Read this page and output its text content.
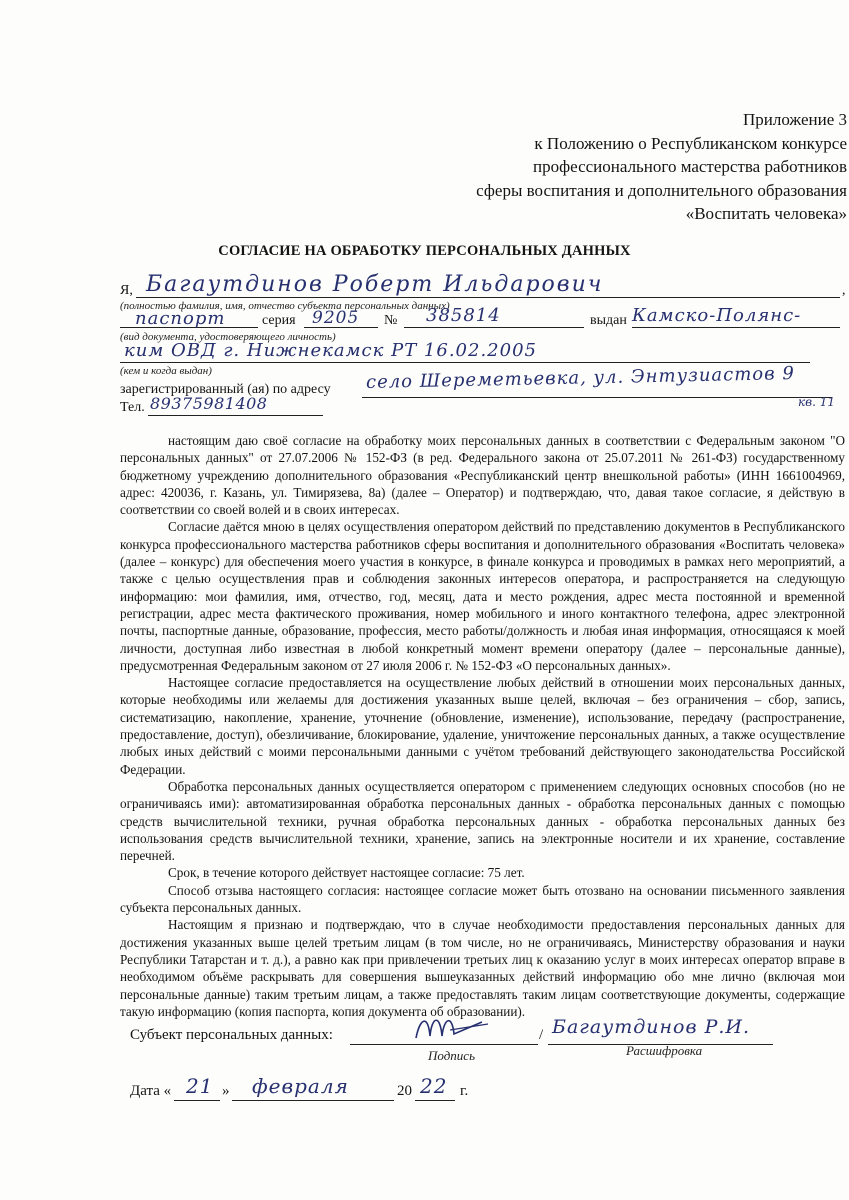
Приложение 3
к Положению о Республиканском конкурсе
профессионального мастерства работников
сферы воспитания и дополнительного образования
«Воспитать человека»
СОГЛАСИЕ НА ОБРАБОТКУ ПЕРСОНАЛЬНЫХ ДАННЫХ
Я,	,
Багаутдинов Роберт Ильдарович
(полностью фамилия, имя, отчество субъекта персональных данных)
паспорт	серия 9205 № 385814	выдан Камско-Полянс-
(вид документа, удостоверяющего личность)
ким ОВД г. Нижнекамск РТ 16.02.2005
(кем и когда выдан)
зарегистрированный (ая) по адресу село Шереметьевка, ул. Энтузиастов 9
кв. 11
Тел. 89375981408

настоящим даю своё согласие на обработку моих персональных данных в соответствии с Федеральным законом "О персональных данных" от 27.07.2006 № 152-ФЗ (в ред. Федерального закона от 25.07.2011 № 261-ФЗ) государственному бюджетному учреждению дополнительного образования «Республиканский центр внешкольной работы» (ИНН 1661004969, адрес: 420036, г. Казань, ул. Тимирязева, 8а) (далее – Оператор) и подтверждаю, что, давая такое согласие, я действую в соответствии со своей волей и в своих интересах.

Согласие даётся мною в целях осуществления оператором действий по представлению документов в Республиканского конкурса профессионального мастерства работников сферы воспитания и дополнительного образования «Воспитать человека» (далее – конкурс) для обеспечения моего участия в конкурсе, в финале конкурса и проводимых в рамках него мероприятий, а также с целью осуществления прав и соблюдения законных интересов оператора, и распространяется на следующую информацию: мои фамилия, имя, отчество, год, месяц, дата и место рождения, адрес места постоянной и временной регистрации, адрес места фактического проживания, номер мобильного и иного контактного телефона, адрес электронной почты, паспортные данные, образование, профессия, место работы/должность и любая иная информация, относящаяся к моей личности, доступная либо известная в любой конкретный момент времени оператору (далее – персональные данные), предусмотренная Федеральным законом от 27 июля 2006 г. № 152-ФЗ «О персональных данных».

Настоящее согласие предоставляется на осуществление любых действий в отношении моих персональных данных, которые необходимы или желаемы для достижения указанных выше целей, включая – без ограничения – сбор, запись, систематизацию, накопление, хранение, уточнение (обновление, изменение), использование, передачу (распространение, предоставление, доступ), обезличивание, блокирование, удаление, уничтожение персональных данных, а также осуществление любых иных действий с моими персональными данными с учётом требований действующего законодательства Российской Федерации.

Обработка персональных данных осуществляется оператором с применением следующих основных способов (но не ограничиваясь ими): автоматизированная обработка персональных данных - обработка персональных данных с помощью средств вычислительной техники, ручная обработка персональных данных - обработка персональных данных без использования средств вычислительной техники, хранение, запись на электронные носители и их хранение, составление перечней.

Срок, в течение которого действует настоящее согласие: 75 лет.

Способ отзыва настоящего согласия: настоящее согласие может быть отозвано на основании письменного заявления субъекта персональных данных.

Настоящим я признаю и подтверждаю, что в случае необходимости предоставления персональных данных для достижения указанных выше целей третьим лицам (в том числе, но не ограничиваясь, Министерству образования и науки Республики Татарстан и т. д.), а равно как при привлечении третьих лиц к оказанию услуг в моих интересах оператор вправе в необходимом объёме раскрывать для совершения вышеуказанных действий информацию обо мне лично (включая мои персональные данные) таким третьим лицам, а также предоставлять таким лицам соответствующие документы, содержащие такую информацию (копия паспорта, копия документа об образовании).

Субъект персональных данных:	/ Багаутдинов Р.И.
Подпись	Расшифровка
Дата « 21 » февраля	20 22 г.
